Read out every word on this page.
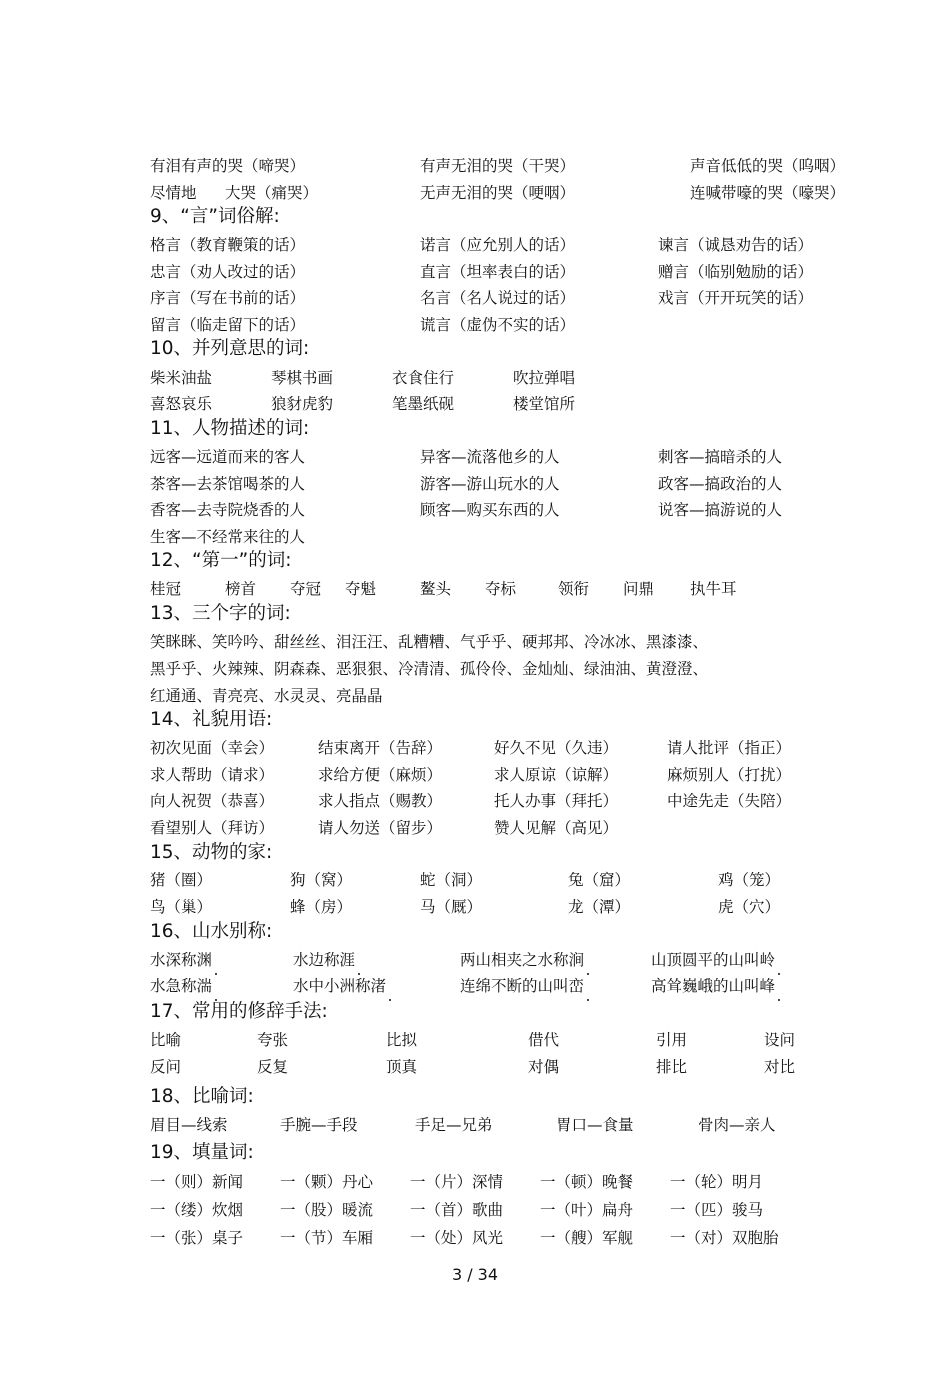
有泪有声的哭（啼哭）	有声无泪的哭（干哭）	声音低低的哭（呜咽）
尽情地 大哭（痛哭）	无声无泪的哭（哽咽）	连喊带嚎的哭（嚎哭）
9、“言”词俗解:
格言（教育鞭策的话）	诺言（应允别人的话）	谏言（诚恳劝告的话）
忠言（劝人改过的话）	直言（坦率表白的话）	赠言（临别勉励的话）
序言（写在书前的话）	名言（名人说过的话）	戏言（开开玩笑的话）
留言（临走留下的话）	谎言（虚伪不实的话）
10、并列意思的词:
柴米油盐	琴棋书画	衣食住行	吹拉弹唱
喜怒哀乐	狼豺虎豹	笔墨纸砚	楼堂馆所
11、人物描述的词:
远客—远道而来的客人	异客—流落他乡的人	刺客—搞暗杀的人
茶客—去茶馆喝茶的人	游客—游山玩水的人	政客—搞政治的人
香客—去寺院烧香的人	顾客—购买东西的人	说客—搞游说的人
生客—不经常来往的人
12、“第一”的词:
桂冠	榜首 夺冠 夺魁	鳌头 夺标	领衔 问鼎 执牛耳
13、三个字的词:
笑眯眯、笑吟吟、甜丝丝、泪汪汪、乱糟糟、气乎乎、硬邦邦、冷冰冰、黑漆漆、
黑乎乎、火辣辣、阴森森、恶狠狠、冷清清、孤伶伶、金灿灿、绿油油、黄澄澄、
红通通、青亮亮、水灵灵、亮晶晶
14、礼貌用语:
初次见面（幸会）	结束离开（告辞）	好久不见（久违）	请人批评（指正）
求人帮助（请求）	求给方便（麻烦）	求人原谅（谅解）	麻烦别人（打扰）
向人祝贺（恭喜）	求人指点（赐教）	托人办事（拜托）	中途先走（失陪）
看望别人（拜访）	请人勿送（留步）	赞人见解（高见）
15、动物的家:
猪（圈）	狗（窝）	蛇（洞）	兔（窟）	鸡（笼）
鸟（巢）	蜂（房）	马（厩）	龙（潭）	虎（穴）
16、山水别称:
水深称渊	水边称涯	两山相夹之水称涧	山顶圆平的山叫岭
水急称湍	水中小洲称渚	连绵不断的山叫峦	高耸巍峨的山叫峰
17、常用的修辞手法:
比喻	夸张	比拟	借代	引用	设问
反问	反复	顶真	对偶	排比	对比
18、比喻词:
眉目—线索	手腕—手段	手足—兄弟	胃口—食量	骨肉—亲人
19、填量词:
一（则）新闻 一（颗）丹心 一（片）深情 一（顿）晚餐 一（轮）明月
一（缕）炊烟 一（股）暖流 一（首）歌曲 一（叶）扁舟 一（匹）骏马
一（张）桌子 一（节）车厢 一（处）风光 一（艘）军舰 一（对）双胞胎
3 / 34
